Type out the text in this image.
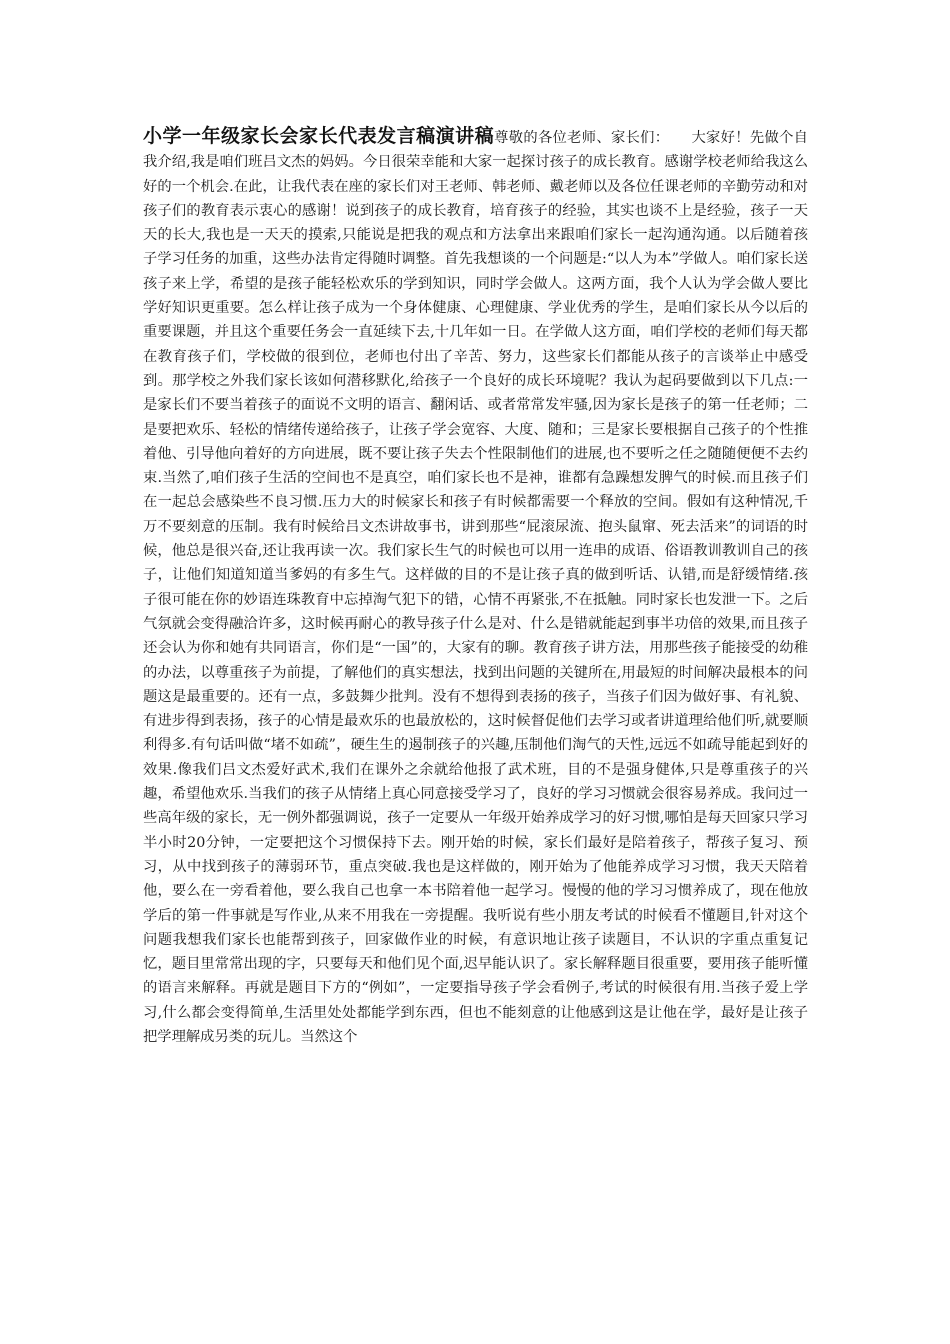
小学一年级家长会家长代表发言稿演讲稿尊敬的各位老师、家长们：　　大家好！先做个自我介绍,我是咱们班吕文杰的妈妈。今日很荣幸能和大家一起探讨孩子的成长教育。感谢学校老师给我这么好的一个机会.在此，让我代表在座的家长们对王老师、韩老师、戴老师以及各位任课老师的辛勤劳动和对孩子们的教育表示衷心的感谢！说到孩子的成长教育，培育孩子的经验，其实也谈不上是经验，孩子一天天的长大,我也是一天天的摸索,只能说是把我的观点和方法拿出来跟咱们家长一起沟通沟通。以后随着孩子学习任务的加重，这些办法肯定得随时调整。首先我想谈的一个问题是:“以人为本”学做人。咱们家长送孩子来上学，希望的是孩子能轻松欢乐的学到知识，同时学会做人。这两方面，我个人认为学会做人要比学好知识更重要。怎么样让孩子成为一个身体健康、心理健康、学业优秀的学生，是咱们家长从今以后的重要课题，并且这个重要任务会一直延续下去,十几年如一日。在学做人这方面，咱们学校的老师们每天都在教育孩子们，学校做的很到位，老师也付出了辛苦、努力，这些家长们都能从孩子的言谈举止中感受到。那学校之外我们家长该如何潜移默化,给孩子一个良好的成长环境呢？我认为起码要做到以下几点:一是家长们不要当着孩子的面说不文明的语言、翻闲话、或者常常发牢骚,因为家长是孩子的第一任老师；二是要把欢乐、轻松的情绪传递给孩子，让孩子学会宽容、大度、随和；三是家长要根据自己孩子的个性推着他、引导他向着好的方向进展，既不要让孩子失去个性限制他们的进展,也不要听之任之随随便便不去约束.当然了,咱们孩子生活的空间也不是真空，咱们家长也不是神，谁都有急躁想发脾气的时候.而且孩子们在一起总会感染些不良习惯.压力大的时候家长和孩子有时候都需要一个释放的空间。假如有这种情况,千万不要刻意的压制。我有时候给吕文杰讲故事书，讲到那些“屁滚尿流、抱头鼠窜、死去活来”的词语的时候，他总是很兴奋,还让我再读一次。我们家长生气的时候也可以用一连串的成语、俗语教训教训自己的孩子，让他们知道知道当爹妈的有多生气。这样做的目的不是让孩子真的做到听话、认错,而是舒缓情绪.孩子很可能在你的妙语连珠教育中忘掉淘气犯下的错，心情不再紧张,不在抵触。同时家长也发泄一下。之后气氛就会变得融洽许多，这时候再耐心的教导孩子什么是对、什么是错就能起到事半功倍的效果,而且孩子还会认为你和她有共同语言，你们是“一国”的，大家有的聊。教育孩子讲方法，用那些孩子能接受的幼稚的办法，以尊重孩子为前提，了解他们的真实想法，找到出问题的关键所在,用最短的时间解决最根本的问题这是最重要的。还有一点，多鼓舞少批判。没有不想得到表扬的孩子，当孩子们因为做好事、有礼貌、有进步得到表扬，孩子的心情是最欢乐的也最放松的，这时候督促他们去学习或者讲道理给他们听,就要顺利得多.有句话叫做“堵不如疏”，硬生生的遏制孩子的兴趣,压制他们淘气的天性,远远不如疏导能起到好的效果.像我们吕文杰爱好武术,我们在课外之余就给他报了武术班，目的不是强身健体,只是尊重孩子的兴趣，希望他欢乐.当我们的孩子从情绪上真心同意接受学习了，良好的学习习惯就会很容易养成。我问过一些高年级的家长，无一例外都强调说，孩子一定要从一年级开始养成学习的好习惯,哪怕是每天回家只学习半小时20分钟，一定要把这个习惯保持下去。刚开始的时候，家长们最好是陪着孩子，帮孩子复习、预习，从中找到孩子的薄弱环节，重点突破.我也是这样做的，刚开始为了他能养成学习习惯，我天天陪着他，要么在一旁看着他，要么我自己也拿一本书陪着他一起学习。慢慢的他的学习习惯养成了，现在他放学后的第一件事就是写作业,从来不用我在一旁提醒。我听说有些小朋友考试的时候看不懂题目,针对这个问题我想我们家长也能帮到孩子，回家做作业的时候，有意识地让孩子读题目，不认识的字重点重复记忆，题目里常常出现的字，只要每天和他们见个面,迟早能认识了。家长解释题目很重要，要用孩子能听懂的语言来解释。再就是题目下方的“例如”，一定要指导孩子学会看例子,考试的时候很有用.当孩子爱上学习,什么都会变得简单,生活里处处都能学到东西，但也不能刻意的让他感到这是让他在学，最好是让孩子把学理解成另类的玩儿。当然这个
